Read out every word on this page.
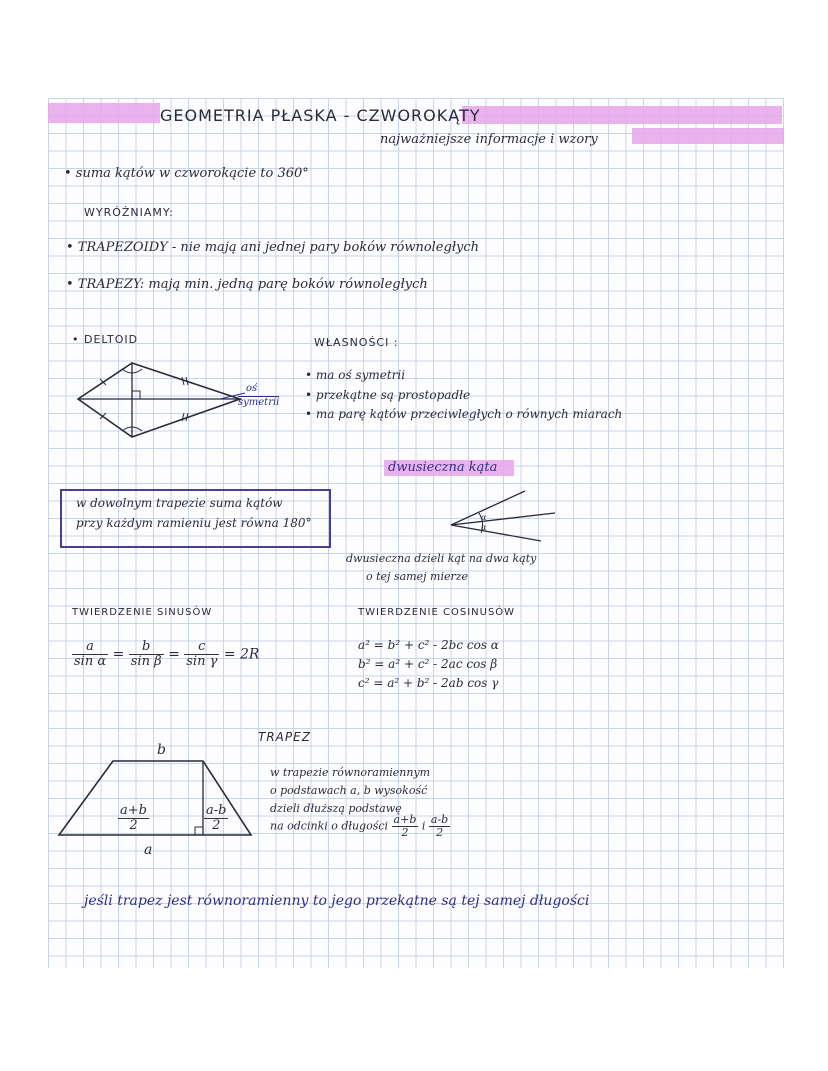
GEOMETRIA PŁASKA - CZWOROKĄTY
najważniejsze informacje i wzory
• suma kątów w czworokącie to 360°
WYRÓŻNIAMY:
• TRAPEZOIDY - nie mają ani jednej pary boków równoległych
• TRAPEZY: mają min. jedną parę boków równoległych
• DELTOID
oś
symetrii
WŁASNOŚCI :
• ma oś symetrii
• przekątne są prostopadłe
• ma parę kątów przeciwległych o równych miarach
dwusieczna kąta
α
α
dwusieczna dzieli kąt na dwa kąty
o tej samej mierze
w dowolnym trapezie suma kątów
przy każdym ramieniu jest równa 180°
TWIERDZENIE SINUSÓW
$\frac{a}{\text{sin α}} = \frac{b}{\text{sin β}} = \frac{c}{\text{sin γ}} = 2R$
TWIERDZENIE COSINUSÓW
a² = b² + c² - 2bc cos α
b² = a² + c² - 2ac cos β
c² = a² + b² - 2ab cos γ
TRAPEZ
b
$\frac{a+b}{2}$	$\frac{a-b}{2}$
a
w trapezie równoramiennym
o podstawach a, b wysokość
dzieli dłuższą podstawę
na odcinki o długości $\frac{a+b}{2}$ i $\frac{a-b}{2}$
jeśli trapez jest równoramienny to jego przekątne są tej samej długości
